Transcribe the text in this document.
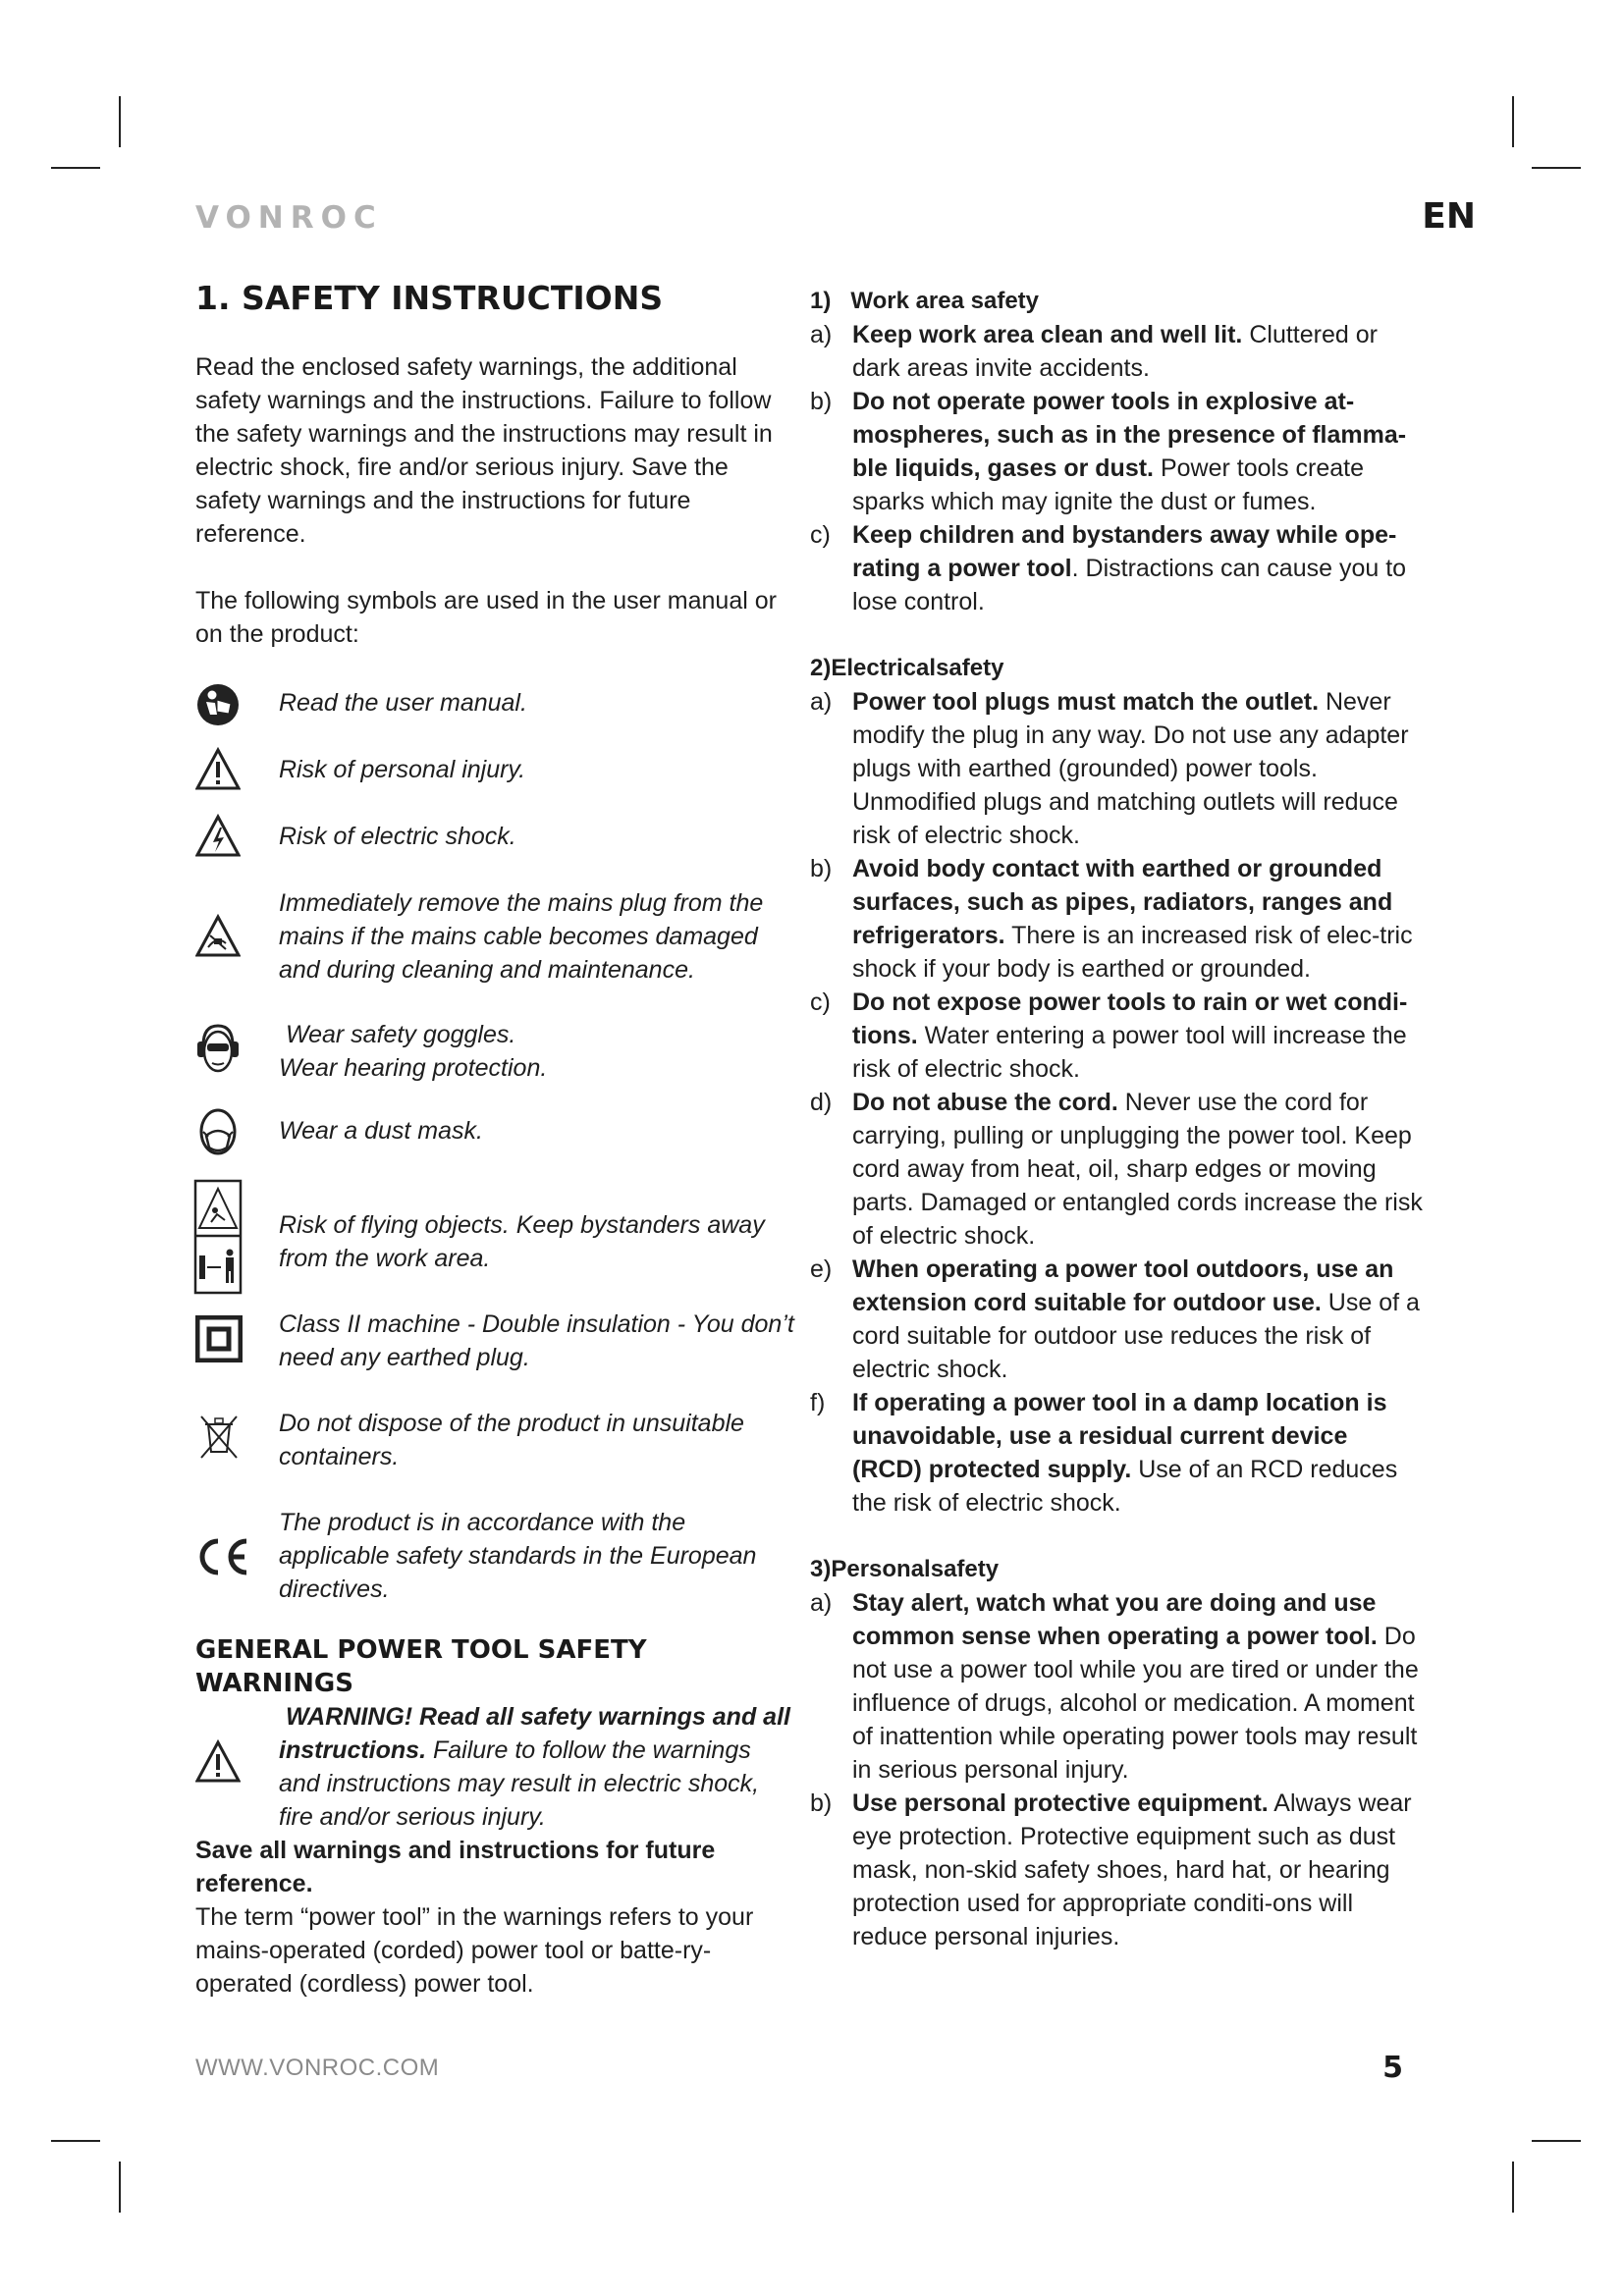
VONROC	EN
1. SAFETY INSTRUCTIONS

Read the enclosed safety warnings, the additional safety warnings and the instructions. Failure to follow the safety warnings and the instructions may result in electric shock, fire and/or serious injury. Save the safety warnings and the instructions for future reference.

The following symbols are used in the user manual or on the product:

Read the user manual.
Risk of personal injury.
Risk of electric shock.
Immediately remove the mains plug from the mains if the mains cable becomes damaged and during cleaning and maintenance.
Wear safety goggles.
Wear hearing protection.
Wear a dust mask.
Risk of flying objects. Keep bystanders away from the work area.
Class II machine - Double insulation - You don’t need any earthed plug.
Do not dispose of the product in unsuitable containers.
The product is in accordance with the applicable safety standards in the European directives.
GENERAL POWER TOOL SAFETY WARNINGS
WARNING! Read all safety warnings and all instructions. Failure to follow the warnings and instructions may result in electric shock, fire and/or serious injury.

Save all warnings and instructions for future reference.

The term “power tool” in the warnings refers to your mains-operated (corded) power tool or batte-ry-operated (cordless) power tool.

1)   Work area safety
a) Keep work area clean and well lit. Cluttered or dark areas invite accidents.
b) Do not operate power tools in explosive at-mospheres, such as in the presence of flamma-ble liquids, gases or dust. Power tools create sparks which may ignite the dust or fumes.
c) Keep children and bystanders away while ope-rating a power tool. Distractions can cause you to lose control.
2)Electricalsafety
a) Power tool plugs must match the outlet. Never modify the plug in any way. Do not use any adapter plugs with earthed (grounded) power tools. Unmodified plugs and matching outlets will reduce risk of electric shock.
b) Avoid body contact with earthed or grounded surfaces, such as pipes, radiators, ranges and refrigerators. There is an increased risk of elec-tric shock if your body is earthed or grounded.
c) Do not expose power tools to rain or wet condi-tions. Water entering a power tool will increase the risk of electric shock.
d) Do not abuse the cord. Never use the cord for carrying, pulling or unplugging the power tool. Keep cord away from heat, oil, sharp edges or moving parts. Damaged or entangled cords increase the risk of electric shock.
e) When operating a power tool outdoors, use an extension cord suitable for outdoor use. Use of a cord suitable for outdoor use reduces the risk of electric shock.
f) If operating a power tool in a damp location is unavoidable, use a residual current device (RCD) protected supply. Use of an RCD reduces the risk of electric shock.
3)Personalsafety
a) Stay alert, watch what you are doing and use common sense when operating a power tool. Do not use a power tool while you are tired or under the influence of drugs, alcohol or medication. A moment of inattention while operating power tools may result in serious personal injury.
b) Use personal protective equipment. Always wear eye protection. Protective equipment such as dust mask, non-skid safety shoes, hard hat, or hearing protection used for appropriate conditi-ons will reduce personal injuries.
WWW.VONROC.COM	5
